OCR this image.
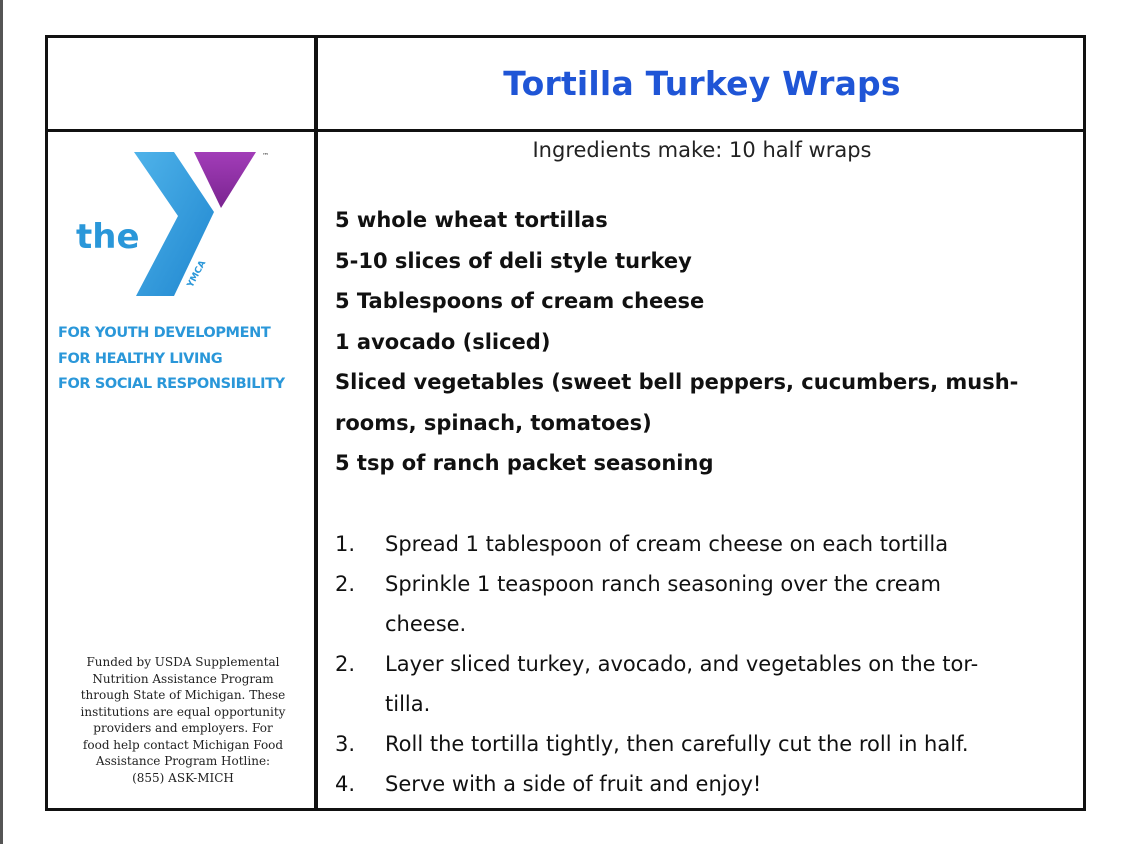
Tortilla Turkey Wraps
Ingredients make: 10 half wraps
5 whole wheat tortillas
5-10 slices of deli style turkey
5 Tablespoons of cream cheese
1 avocado (sliced)
Sliced vegetables (sweet bell peppers, cucumbers, mush-
rooms, spinach, tomatoes)
5 tsp of ranch packet seasoning
1.	Spread 1 tablespoon of cream cheese on each tortilla
2.	Sprinkle 1 teaspoon ranch seasoning over the cream
cheese.
2.	Layer sliced turkey, avocado, and vegetables on the tor-
tilla.
3.	Roll the tortilla tightly, then carefully cut the roll in half.
4.	Serve with a side of fruit and enjoy!
YMCA
™
the
FOR YOUTH DEVELOPMENT
FOR HEALTHY LIVING
FOR SOCIAL RESPONSIBILITY
Funded by USDA Supplemental
Nutrition Assistance Program
through State of Michigan. These
institutions are equal opportunity
providers and employers. For
food help contact Michigan Food
Assistance Program Hotline:
(855) ASK-MICH
